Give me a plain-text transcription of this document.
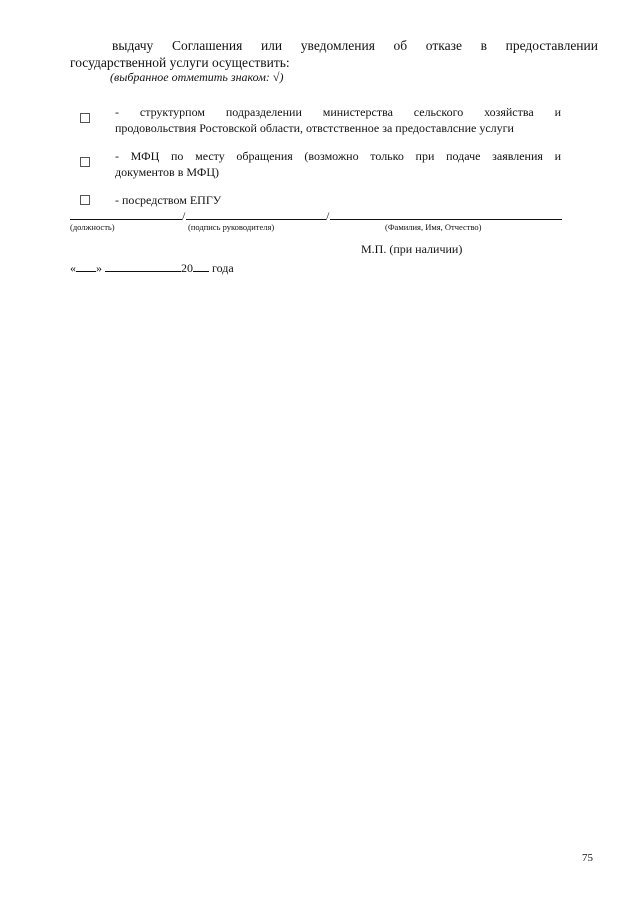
выдачу Соглашения или уведомления об отказе в предоставлении
государственной услуги осуществить:
(выбранное отметить знаком: √)
- структурпом подразделении министерства сельского хозяйства и
продовольствия Ростовской области, отвстственное за предоставлсние услуги
- МФЦ по месту обращения (возможно только при подаче заявления и
документов в МФЦ)
- посредством ЕПГУ
/	/
(должность)	(подпись руководителя)	(Фамилия, Имя, Отчество)
М.П. (при наличии)
« »	20 года
75
